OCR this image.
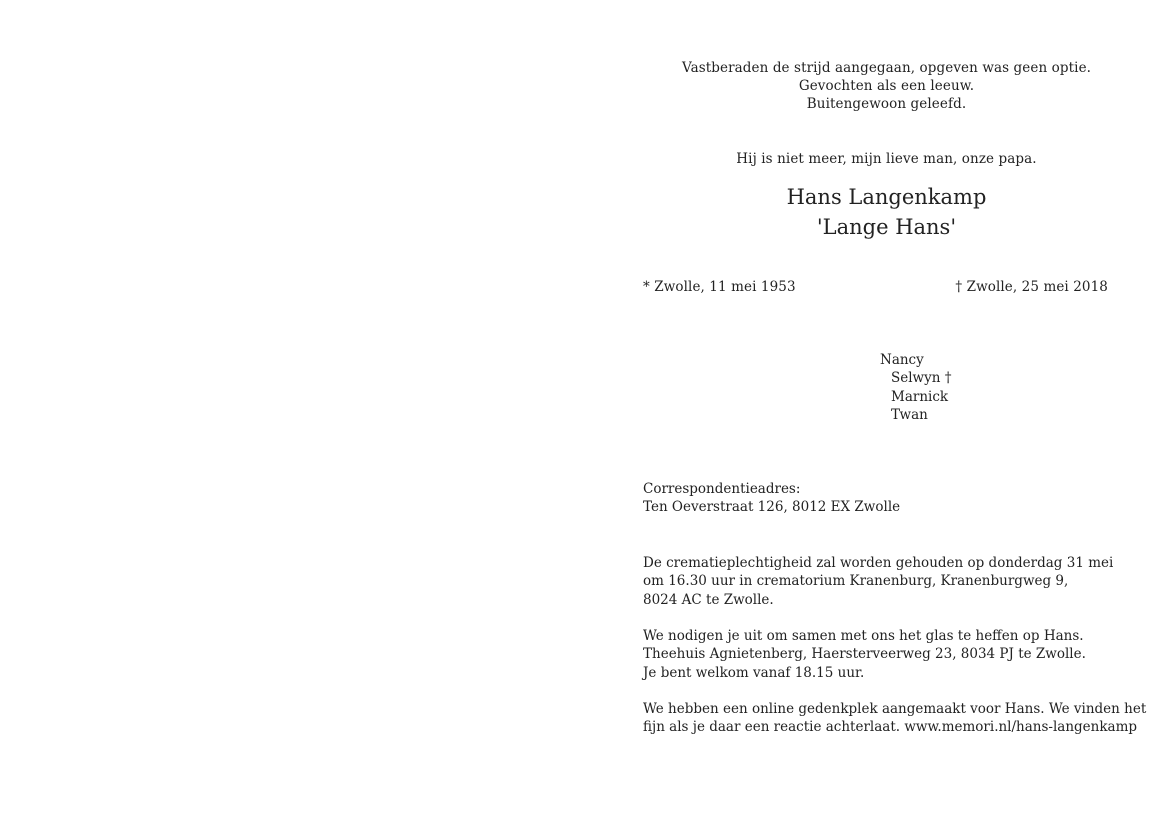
Vastberaden de strijd aangegaan, opgeven was geen optie.
Gevochten als een leeuw.
Buitengewoon geleefd.
Hij is niet meer, mijn lieve man, onze papa.
Hans Langenkamp
'Lange Hans'
* Zwolle, 11 mei 1953	† Zwolle, 25 mei 2018
Nancy
Selwyn †
Marnick
Twan
Correspondentieadres:
Ten Oeverstraat 126, 8012 EX Zwolle
De crematieplechtigheid zal worden gehouden op donderdag 31 mei
om 16.30 uur in crematorium Kranenburg, Kranenburgweg 9,
8024 AC te Zwolle.
We nodigen je uit om samen met ons het glas te heffen op Hans.
Theehuis Agnietenberg, Haersterveerweg 23, 8034 PJ te Zwolle.
Je bent welkom vanaf 18.15 uur.
We hebben een online gedenkplek aangemaakt voor Hans. We vinden het
fijn als je daar een reactie achterlaat. www.memori.nl/hans-langenkamp
